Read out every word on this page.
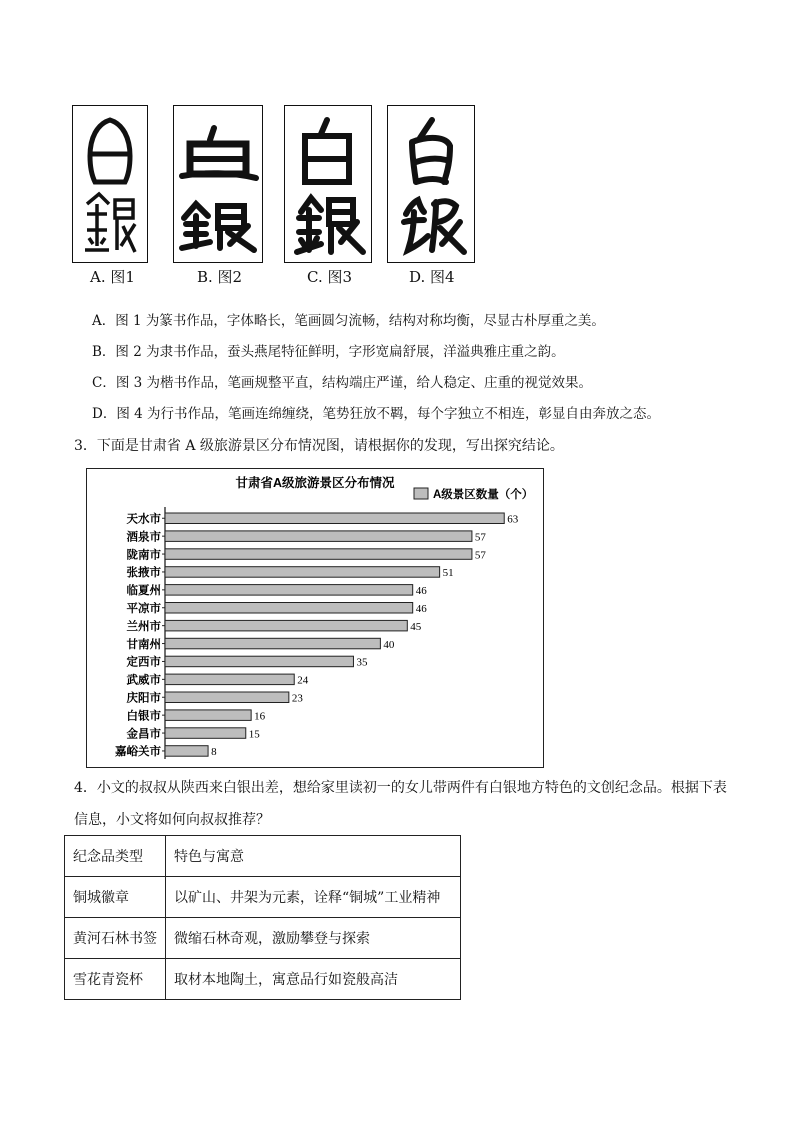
A. 图1	B. 图2	C. 图3	D. 图4
A．图 1 为篆书作品，字体略长，笔画圆匀流畅，结构对称均衡，尽显古朴厚重之美。
B．图 2 为隶书作品，蚕头燕尾特征鲜明，字形宽扁舒展，洋溢典雅庄重之韵。
C．图 3 为楷书作品，笔画规整平直，结构端庄严谨，给人稳定、庄重的视觉效果。
D．图 4 为行书作品，笔画连绵缠绕，笔势狂放不羁，每个字独立不相连，彰显自由奔放之态。
3．下面是甘肃省 A 级旅游景区分布情况图，请根据你的发现，写出探究结论。
甘肃省A级旅游景区分布情况
A级景区数量（个）
天水市	63
酒泉市	57
陇南市	57
张掖市	51
临夏州	46
平凉市	46
兰州市	45
甘南州	40
定西市	35
武威市	24
庆阳市	23
白银市	16
金昌市	15
嘉峪关市	8
4．小文的叔叔从陕西来白银出差，想给家里读初一的女儿带两件有白银地方特色的文创纪念品。根据下表
信息，小文将如何向叔叔推荐？
纪念品类型	特色与寓意
铜城徽章	以矿山、井架为元素，诠释“铜城”工业精神
黄河石林书签	微缩石林奇观，激励攀登与探索
雪花青瓷杯	取材本地陶土，寓意品行如瓷般高洁
